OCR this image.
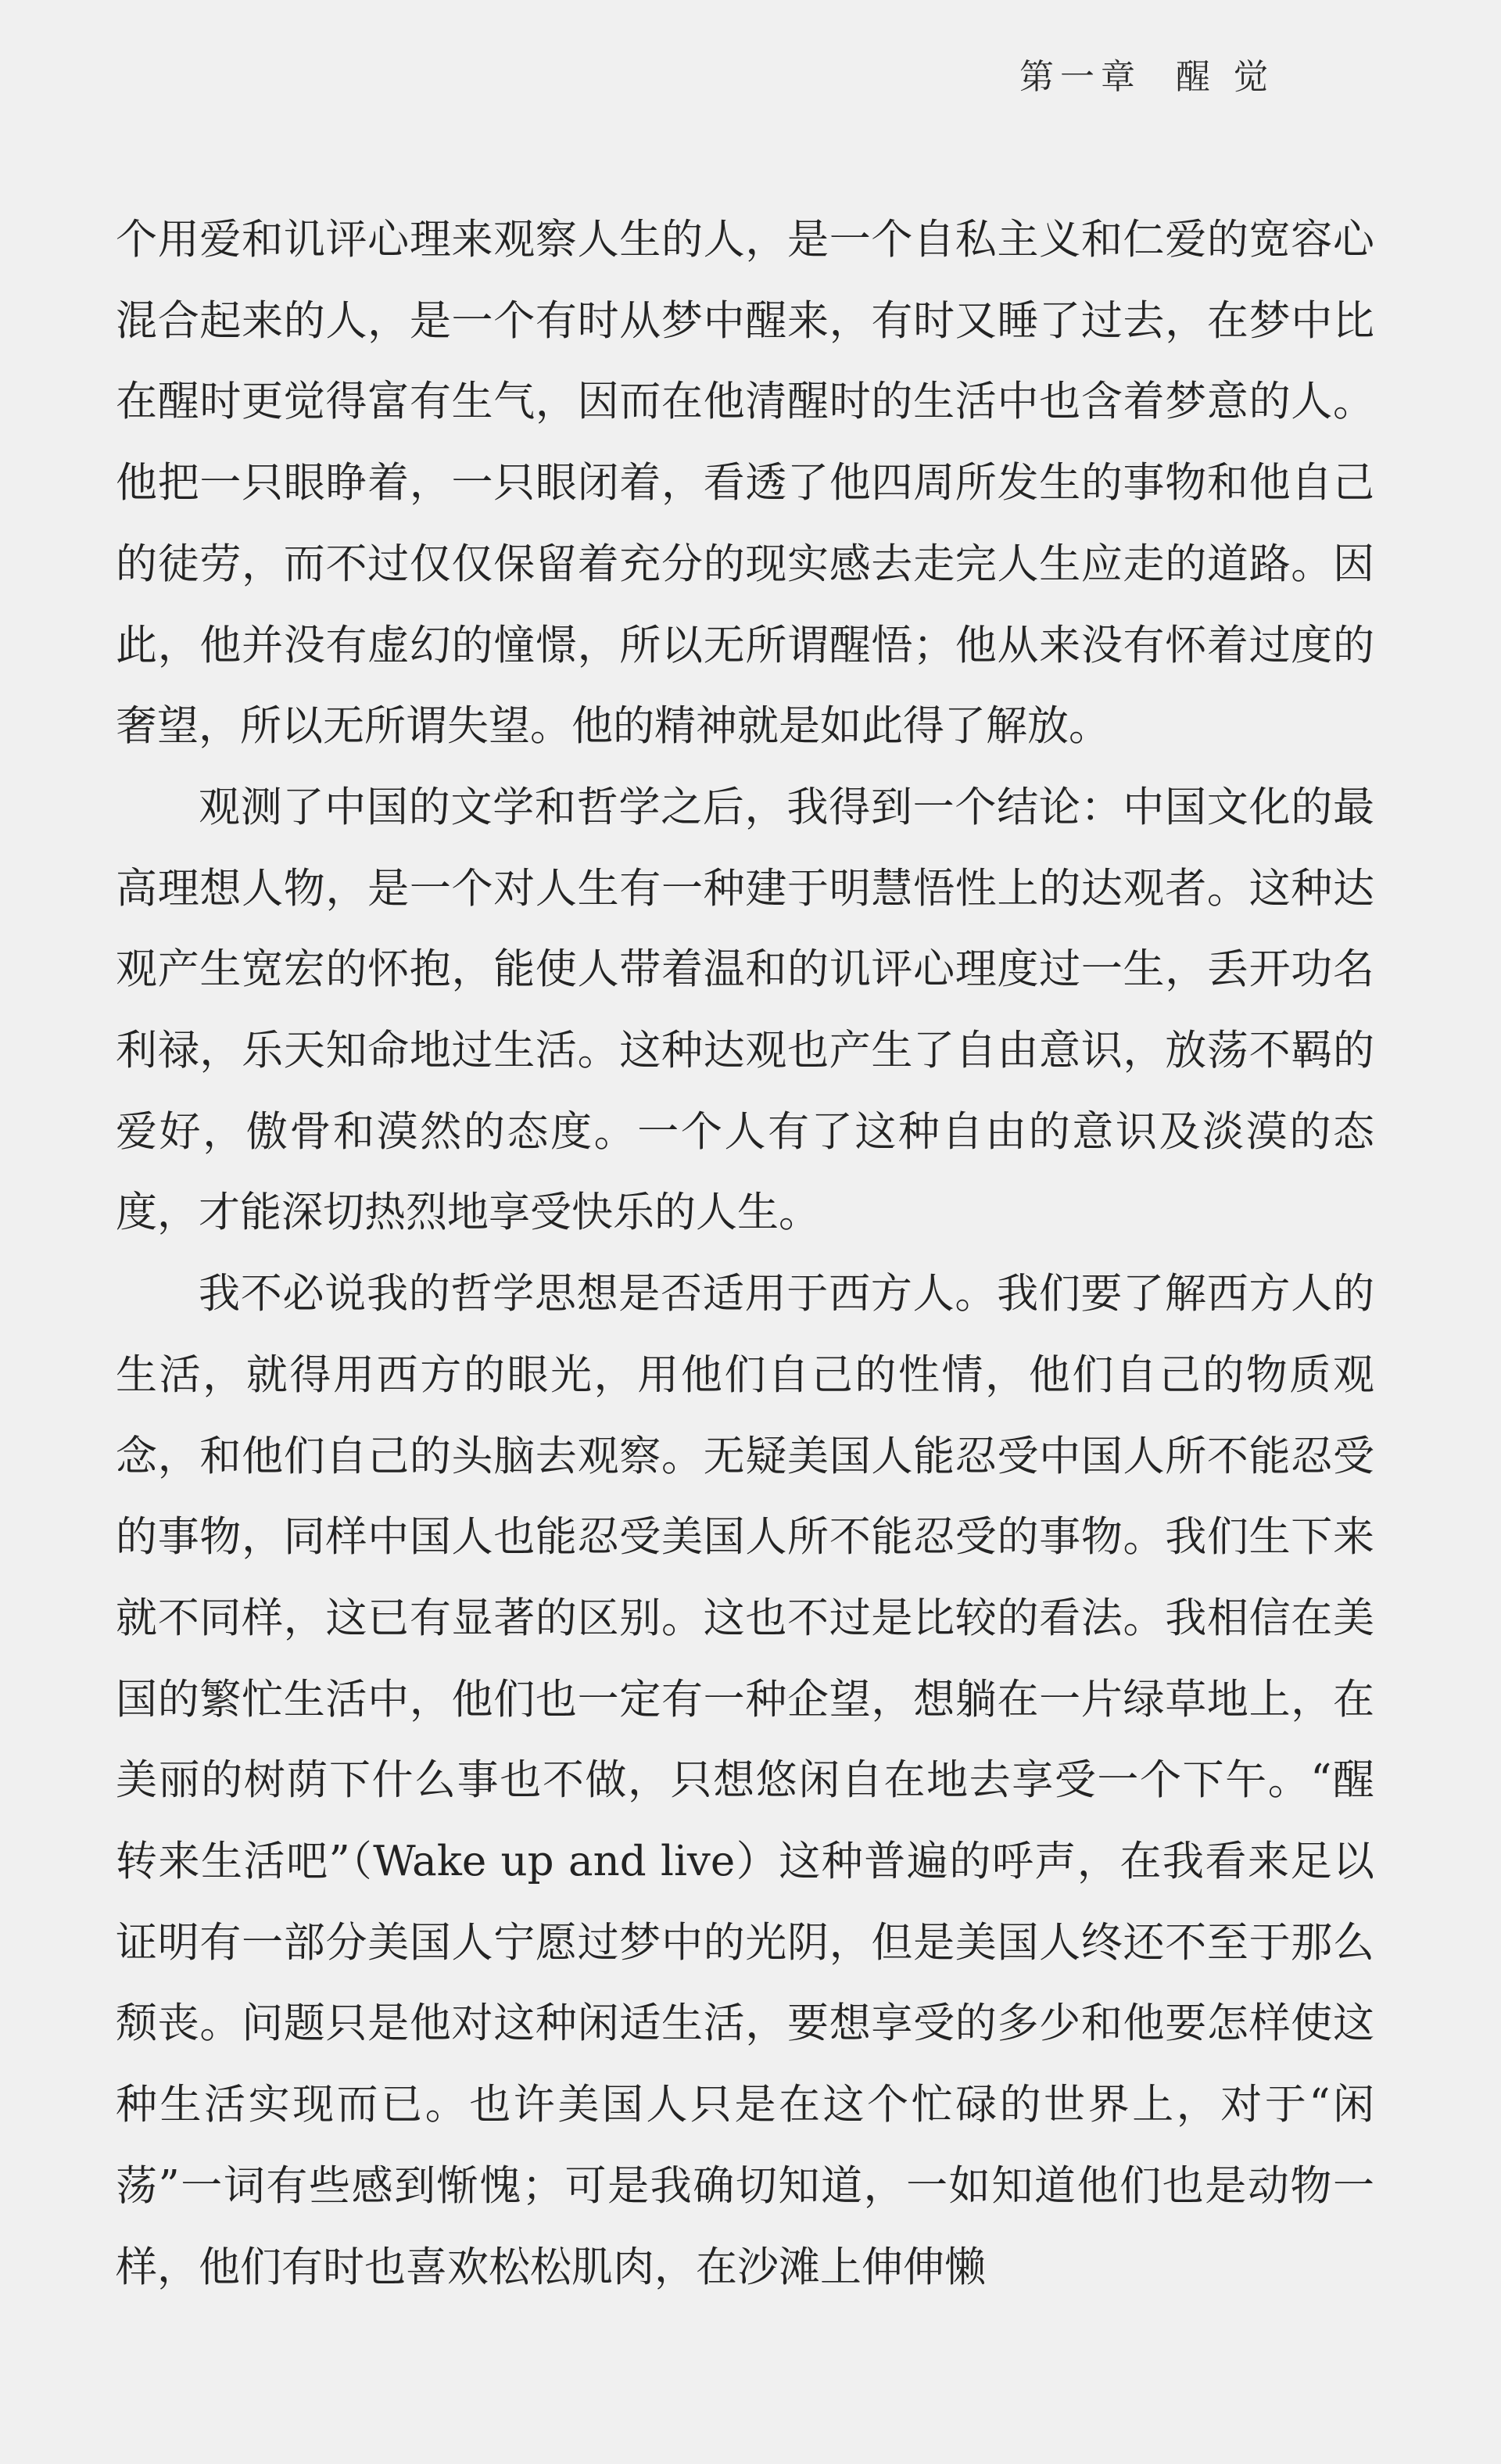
第一章 醒 觉

个用爱和讥评心理来观察人生的人，是一个自私主义和仁爱的宽容心混合起来的人，是一个有时从梦中醒来，有时又睡了过去，在梦中比在醒时更觉得富有生气，因而在他清醒时的生活中也含着梦意的人。他把一只眼睁着，一只眼闭着，看透了他四周所发生的事物和他自己的徒劳，而不过仅仅保留着充分的现实感去走完人生应走的道路。因此，他并没有虚幻的憧憬，所以无所谓醒悟；他从来没有怀着过度的奢望，所以无所谓失望。他的精神就是如此得了解放。

观测了中国的文学和哲学之后，我得到一个结论：中国文化的最高理想人物，是一个对人生有一种建于明慧悟性上的达观者。这种达观产生宽宏的怀抱，能使人带着温和的讥评心理度过一生，丢开功名利禄，乐天知命地过生活。这种达观也产生了自由意识，放荡不羁的爱好，傲骨和漠然的态度。一个人有了这种自由的意识及淡漠的态度，才能深切热烈地享受快乐的人生。

我不必说我的哲学思想是否适用于西方人。我们要了解西方人的生活，就得用西方的眼光，用他们自己的性情，他们自己的物质观念，和他们自己的头脑去观察。无疑美国人能忍受中国人所不能忍受的事物，同样中国人也能忍受美国人所不能忍受的事物。我们生下来就不同样，这已有显著的区别。这也不过是比较的看法。我相信在美国的繁忙生活中，他们也一定有一种企望，想躺在一片绿草地上，在美丽的树荫下什么事也不做，只想悠闲自在地去享受一个下午。“醒转来生活吧”（Wake up and live）这种普遍的呼声，在我看来足以证明有一部分美国人宁愿过梦中的光阴，但是美国人终还不至于那么颓丧。问题只是他对这种闲适生活，要想享受的多少和他要怎样使这种生活实现而已。也许美国人只是在这个忙碌的世界上，对于“闲荡”一词有些感到惭愧；可是我确切知道，一如知道他们也是动物一样，他们有时也喜欢松松肌肉，在沙滩上伸伸懒
